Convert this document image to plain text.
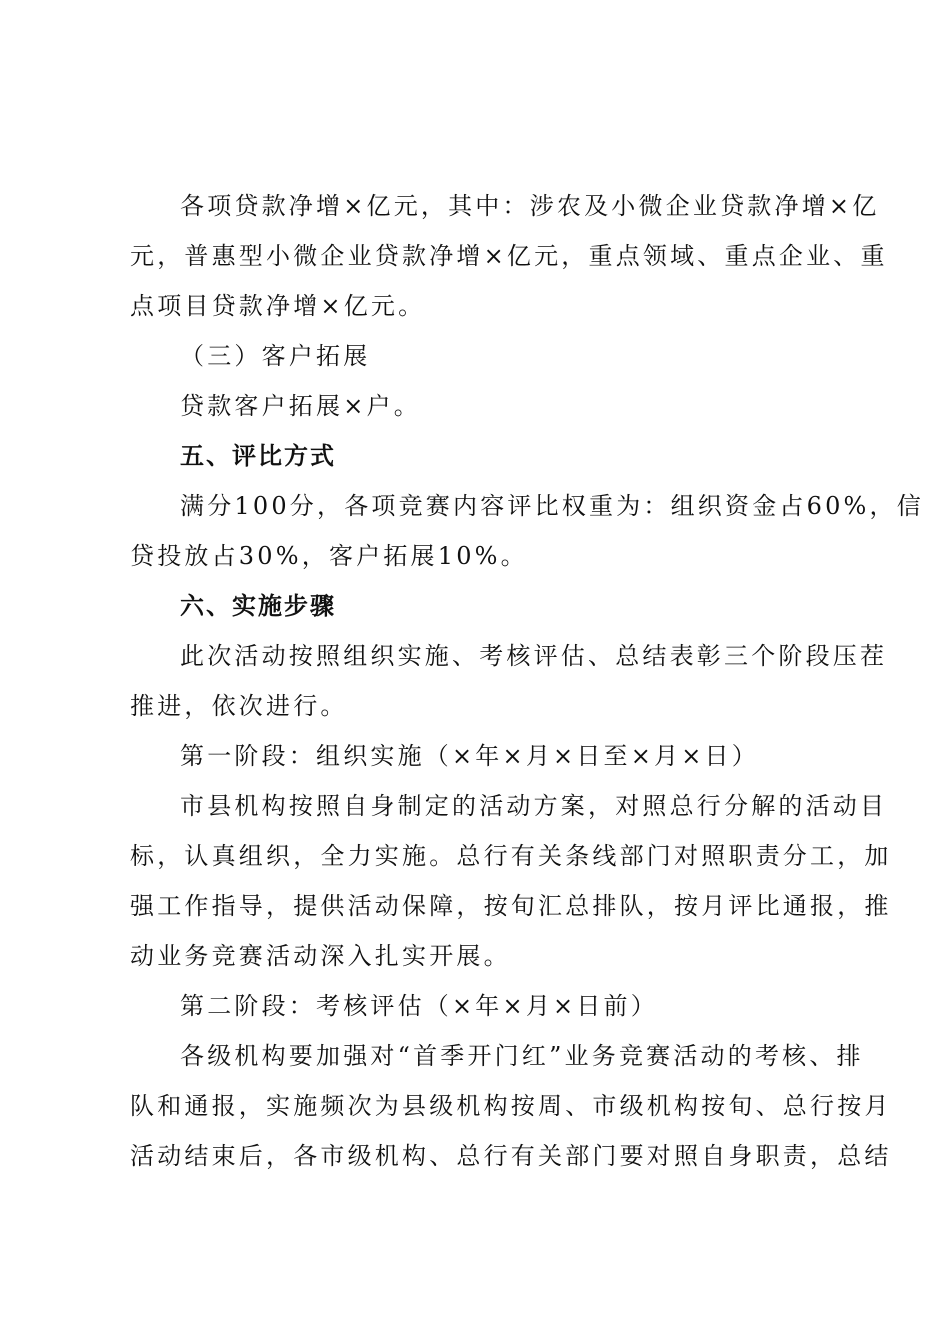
各项贷款净增×亿元，其中：涉农及小微企业贷款净增×亿
元，普惠型小微企业贷款净增×亿元，重点领域、重点企业、重
点项目贷款净增×亿元。
（三）客户拓展
贷款客户拓展×户。
五、评比方式
满分100分，各项竞赛内容评比权重为：组织资金占60%，信
贷投放占30%，客户拓展10%。
六、实施步骤
此次活动按照组织实施、考核评估、总结表彰三个阶段压茬
推进，依次进行。
第一阶段：组织实施（×年×月×日至×月×日）
市县机构按照自身制定的活动方案，对照总行分解的活动目
标，认真组织，全力实施。总行有关条线部门对照职责分工，加
强工作指导，提供活动保障，按旬汇总排队，按月评比通报，推
动业务竞赛活动深入扎实开展。
第二阶段：考核评估（×年×月×日前）
各级机构要加强对“首季开门红”业务竞赛活动的考核、排
队和通报，实施频次为县级机构按周、市级机构按旬、总行按月
活动结束后，各市级机构、总行有关部门要对照自身职责，总结
